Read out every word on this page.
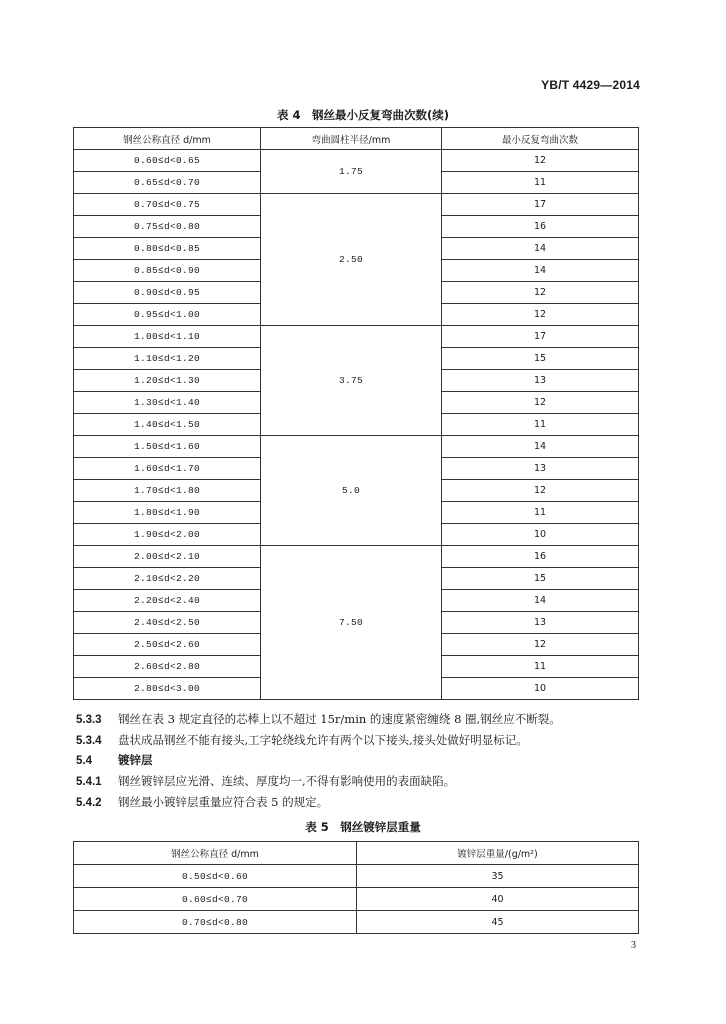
YB/T 4429—2014
表 4　钢丝最小反复弯曲次数(续)
钢丝公称直径 d/mm	弯曲圆柱半径/mm	最小反复弯曲次数
0.60≤d<0.65	1.75	12
0.65≤d<0.70		11
0.70≤d<0.75	2.50	17
0.75≤d<0.80		16
0.80≤d<0.85		14
0.85≤d<0.90		14
0.90≤d<0.95		12
0.95≤d<1.00		12
1.00≤d<1.10	3.75	17
1.10≤d<1.20		15
1.20≤d<1.30		13
1.30≤d<1.40		12
1.40≤d<1.50		11
1.50≤d<1.60	5.0	14
1.60≤d<1.70		13
1.70≤d<1.80		12
1.80≤d<1.90		11
1.90≤d<2.00		10
2.00≤d<2.10	7.50	16
2.10≤d<2.20		15
2.20≤d<2.40		14
2.40≤d<2.50		13
2.50≤d<2.60		12
2.60≤d<2.80		11
2.80≤d<3.00		10
5.3.3 钢丝在表 3 规定直径的芯棒上以不超过 15r/min 的速度紧密缠绕 8 圈,钢丝应不断裂。
5.3.4 盘状成品钢丝不能有接头,工字轮绕线允许有两个以下接头,接头处做好明显标记。
5.4 镀锌层
5.4.1 钢丝镀锌层应光滑、连续、厚度均一,不得有影响使用的表面缺陷。
5.4.2 钢丝最小镀锌层重量应符合表 5 的规定。
表 5　钢丝镀锌层重量
钢丝公称直径 d/mm	镀锌层重量/(g/m²)
0.50≤d<0.60	35
0.60≤d<0.70	40
0.70≤d<0.80	45
3
